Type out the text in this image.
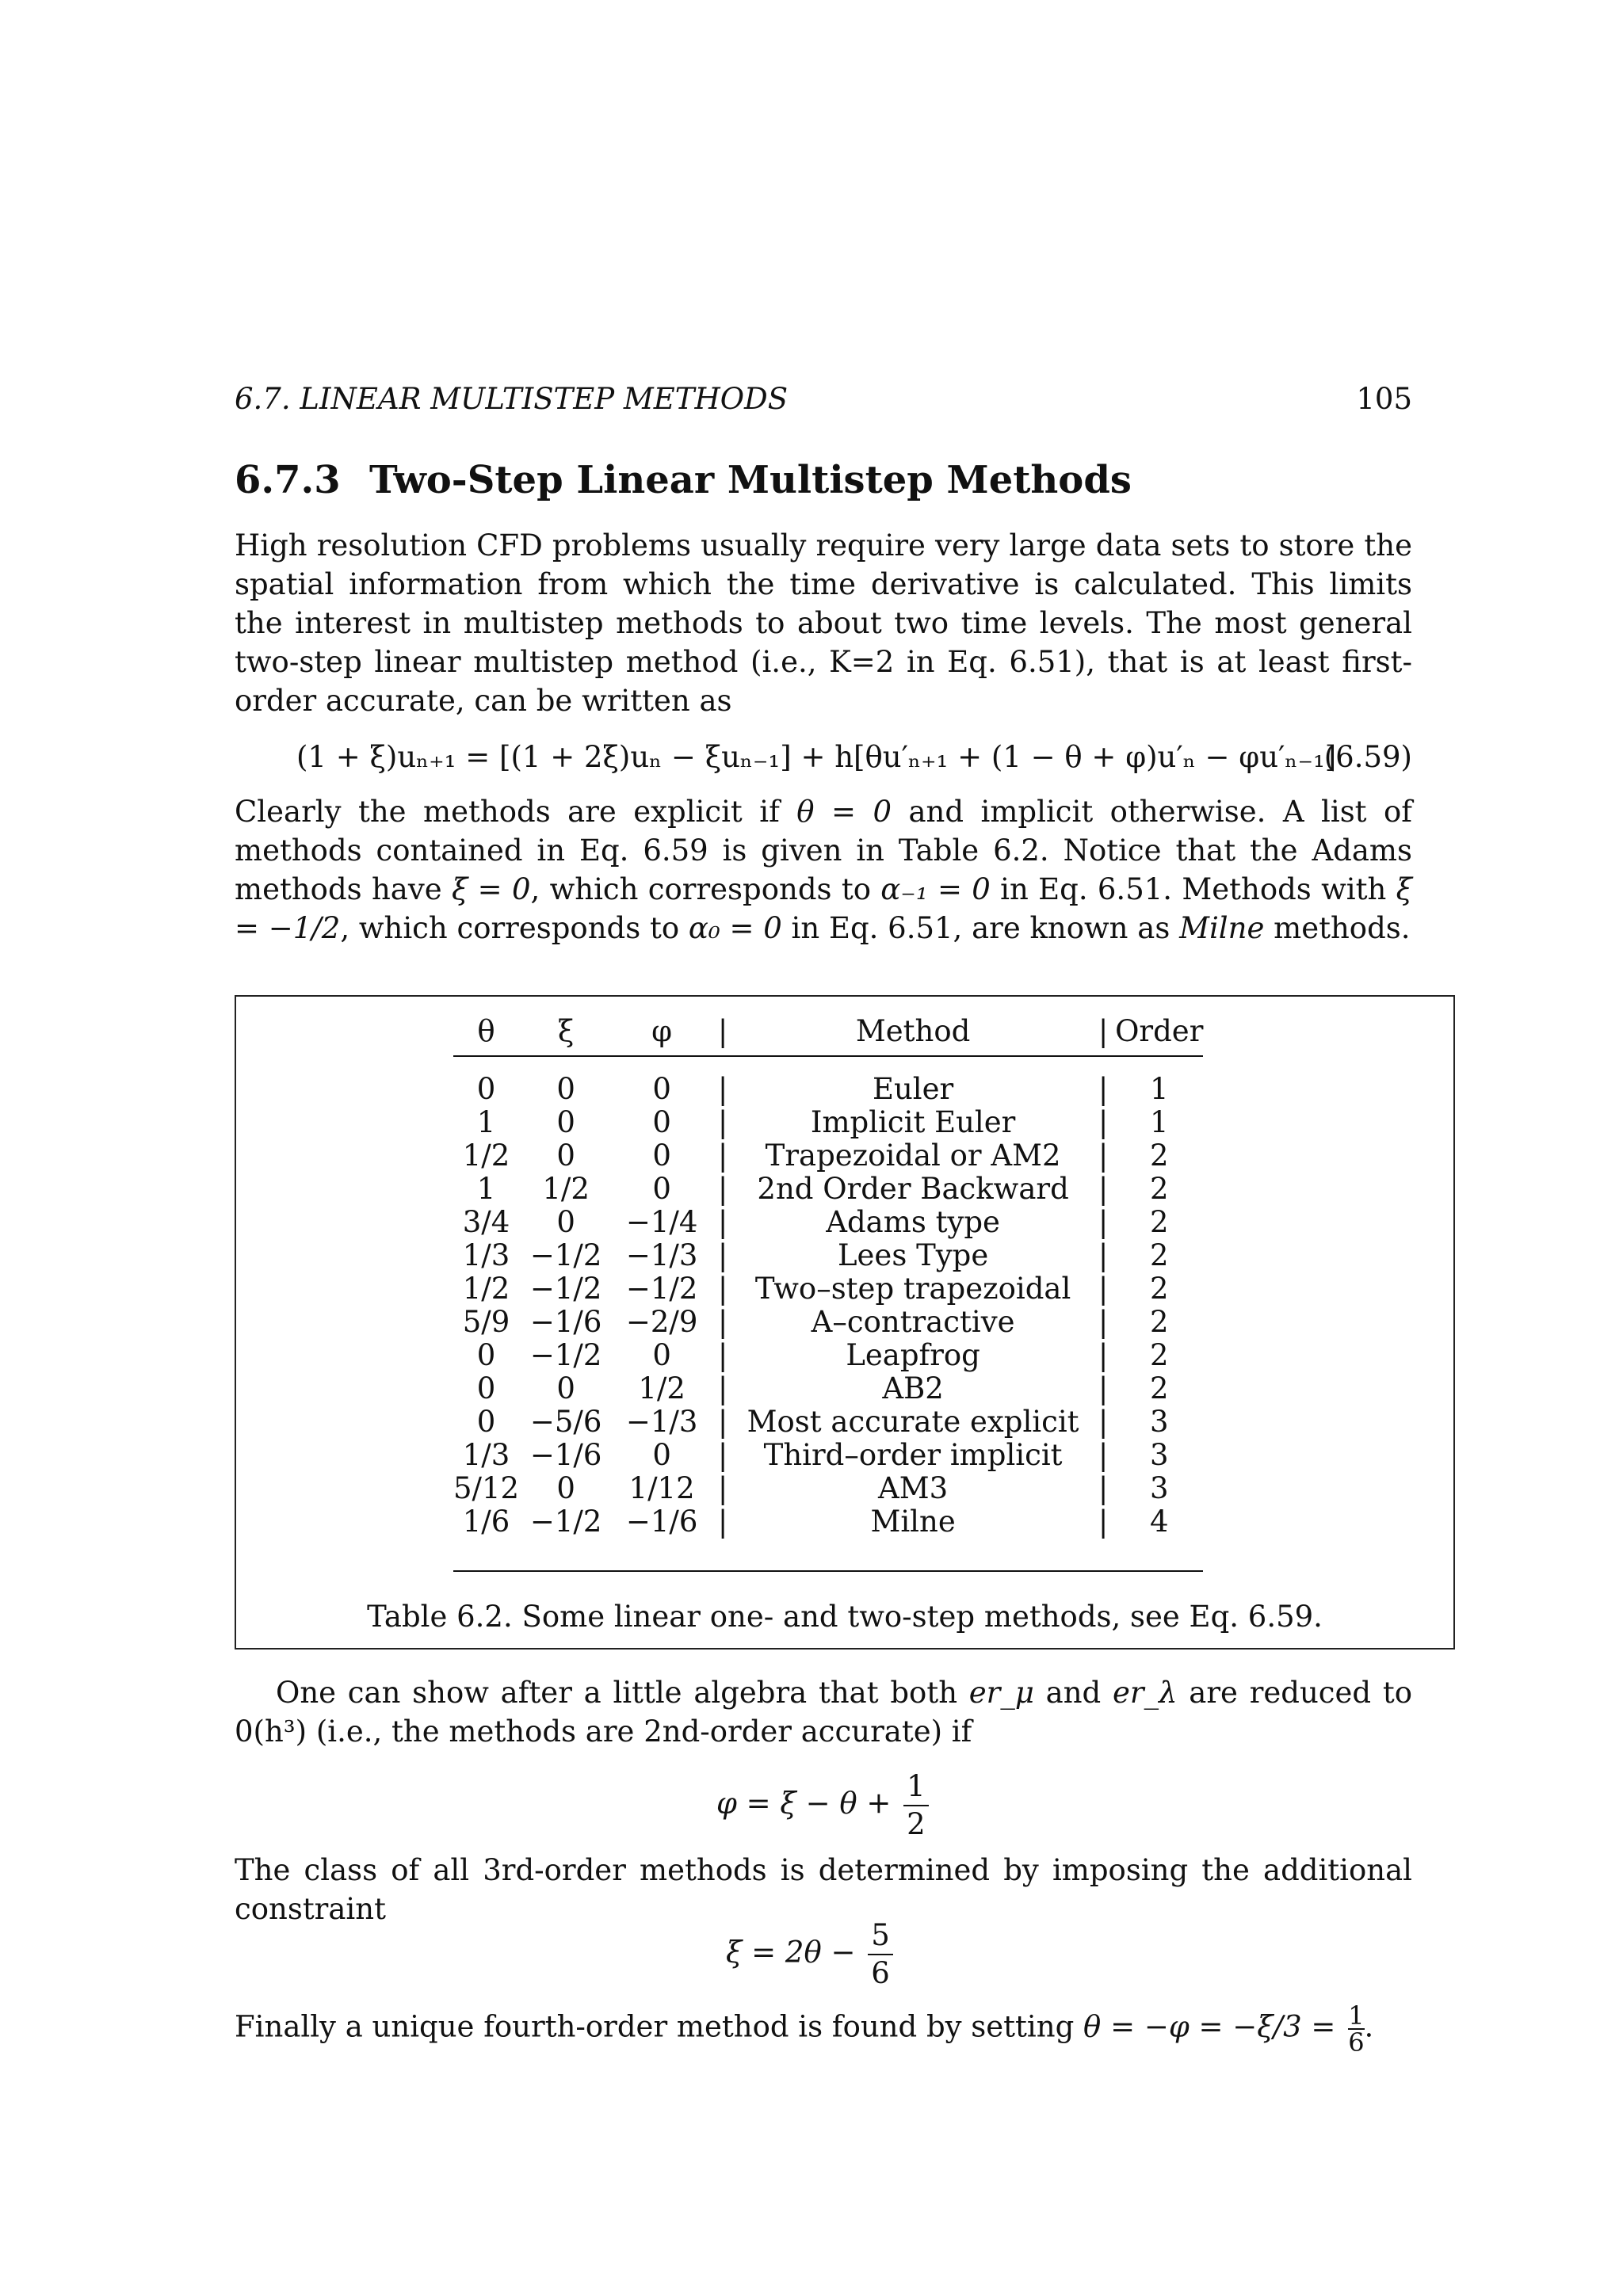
6.7. LINEAR MULTISTEP METHODS	105
6.7.3 Two-Step Linear Multistep Methods
High resolution CFD problems usually require very large data sets to store the spatial information from which the time derivative is calculated. This limits the interest in multistep methods to about two time levels. The most general two-step linear multistep method (i.e., K=2 in Eq. 6.51), that is at least first-order accurate, can be written as
(1 + ξ)uₙ₊₁ = [(1 + 2ξ)uₙ − ξuₙ₋₁] + h[θu′ₙ₊₁ + (1 − θ + φ)u′ₙ − φu′ₙ₋₁]
(6.59)
Clearly the methods are explicit if θ = 0 and implicit otherwise. A list of methods contained in Eq. 6.59 is given in Table 6.2. Notice that the Adams methods have ξ = 0, which corresponds to α₋₁ = 0 in Eq. 6.51. Methods with ξ = −1/2, which corresponds to α₀ = 0 in Eq. 6.51, are known as Milne methods.
θ	ξ	φ	|	Method	|	Order
0	0	0	|	Euler	|	1
1	0	0	|	Implicit Euler	|	1
1/2	0	0	|	Trapezoidal or AM2	|	2
1	1/2	0	|	2nd Order Backward	|	2
3/4	0	−1/4	|	Adams type	|	2
1/3	−1/2	−1/3	|	Lees Type	|	2
1/2	−1/2	−1/2	|	Two–step trapezoidal	|	2
5/9	−1/6	−2/9	|	A–contractive	|	2
0	−1/2	0	|	Leapfrog	|	2
0	0	1/2	|	AB2	|	2
0	−5/6	−1/3	|	Most accurate explicit	|	3
1/3	−1/6	0	|	Third–order implicit	|	3
5/12	0	1/12	|	AM3	|	3
1/6	−1/2	−1/6	|	Milne	|	4
Table 6.2. Some linear one- and two-step methods, see Eq. 6.59.
One can show after a little algebra that both er_μ and er_λ are reduced to 0(h³) (i.e., the methods are 2nd-order accurate) if
$\varphi = \xi - \theta + \frac{1}{2}$
The class of all 3rd-order methods is determined by imposing the additional constraint
$\xi = 2\theta - \frac{5}{6}$
Finally a unique fourth-order method is found by setting $\theta = -\varphi = -\xi/3 = \frac{1}{6}$ .
